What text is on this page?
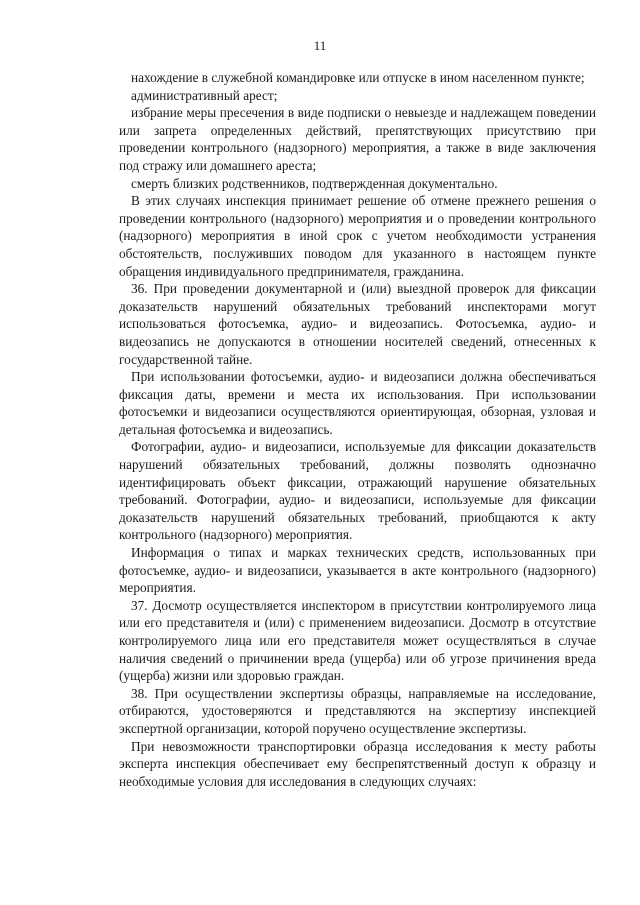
11

нахождение в служебной командировке или отпуске в ином населенном пункте;

административный арест;

избрание меры пресечения в виде подписки о невыезде и надлежащем поведении или запрета определенных действий, препятствующих присутствию при проведении контрольного (надзорного) мероприятия, а также в виде заключения под стражу или домашнего ареста;

смерть близких родственников, подтвержденная документально.

В этих случаях инспекция принимает решение об отмене прежнего решения о проведении контрольного (надзорного) мероприятия и о проведении контрольного (надзорного) мероприятия в иной срок с учетом необходимости устранения обстоятельств, послуживших поводом для указанного в настоящем пункте обращения индивидуального предпринимателя, гражданина.

36. При проведении документарной и (или) выездной проверок для фиксации доказательств нарушений обязательных требований инспекторами могут использоваться фотосъемка, аудио- и видеозапись. Фотосъемка, аудио- и видеозапись не допускаются в отношении носителей сведений, отнесенных к государственной тайне.

При использовании фотосъемки, аудио- и видеозаписи должна обеспечиваться фиксация даты, времени и места их использования. При использовании фотосъемки и видеозаписи осуществляются ориентирующая, обзорная, узловая и детальная фотосъемка и видеозапись.

Фотографии, аудио- и видеозаписи, используемые для фиксации доказательств нарушений обязательных требований, должны позволять однозначно идентифицировать объект фиксации, отражающий нарушение обязательных требований. Фотографии, аудио- и видеозаписи, используемые для фиксации доказательств нарушений обязательных требований, приобщаются к акту контрольного (надзорного) мероприятия.

Информация о типах и марках технических средств, использованных при фотосъемке, аудио- и видеозаписи, указывается в акте контрольного (надзорного) мероприятия.

37. Досмотр осуществляется инспектором в присутствии контролируемого лица или его представителя и (или) с применением видеозаписи. Досмотр в отсутствие контролируемого лица или его представителя может осуществляться в случае наличия сведений о причинении вреда (ущерба) или об угрозе причинения вреда (ущерба) жизни или здоровью граждан.

38. При осуществлении экспертизы образцы, направляемые на исследование, отбираются, удостоверяются и представляются на экспертизу инспекцией экспертной организации, которой поручено осуществление экспертизы.

При невозможности транспортировки образца исследования к месту работы эксперта инспекция обеспечивает ему беспрепятственный доступ к образцу и необходимые условия для исследования в следующих случаях:
